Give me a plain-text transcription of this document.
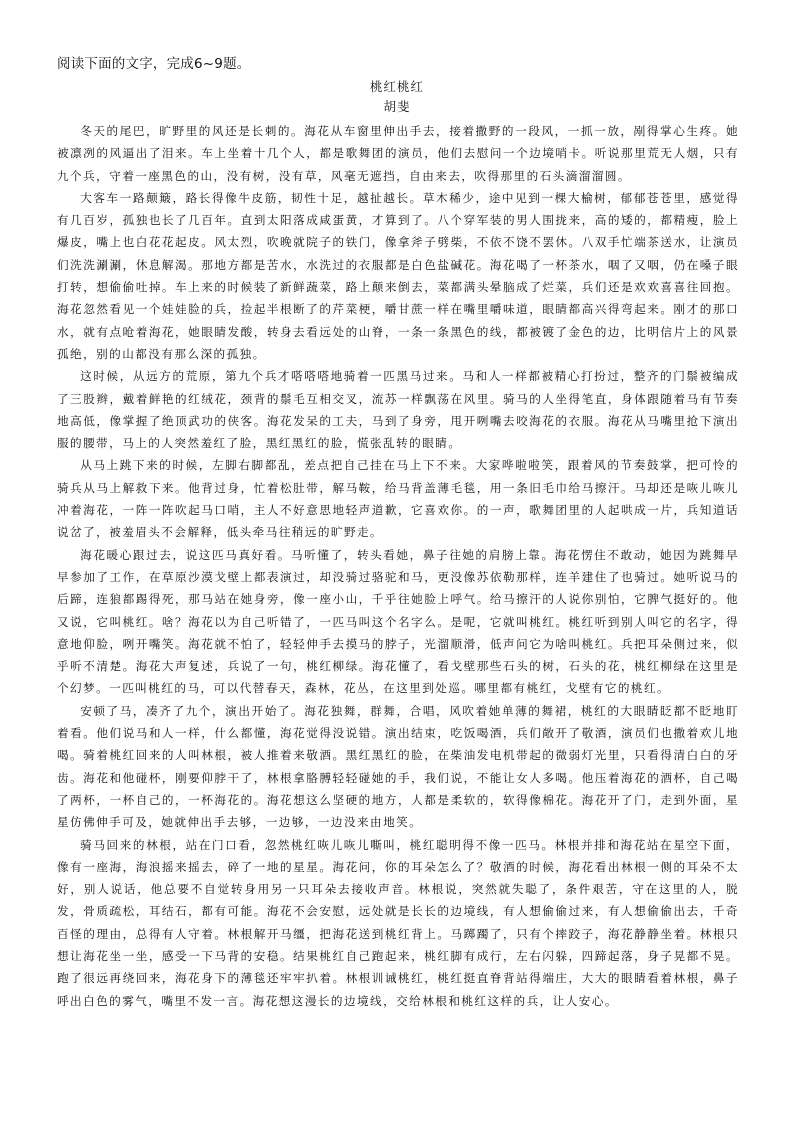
阅读下面的文字，完成6~9题。
桃红桃红
胡斐

冬天的尾巴，旷野里的风还是长刺的。海花从车窗里伸出手去，接着撒野的一段风，一抓一放，剐得掌心生疼。她被凛冽的风逼出了泪来。车上坐着十几个人，都是歌舞团的演员，他们去慰问一个边境哨卡。听说那里荒无人烟，只有九个兵，守着一座黑色的山，没有树，没有草，风毫无遮挡，自由来去，吹得那里的石头滴溜溜圆。

大客车一路颠簸，路长得像牛皮筋，韧性十足，越扯越长。草木稀少，途中见到一棵大榆树，郁郁苍苍里，感觉得有几百岁，孤独也长了几百年。直到太阳落成咸蛋黄，才算到了。八个穿军装的男人围拢来，高的矮的，都精瘦，脸上爆皮，嘴上也白花花起皮。风太烈，吹晚就院子的铁门，像拿斧子劈柴，不依不饶不罢休。八双手忙端茶送水，让演员们洗洗涮涮，休息解渴。那地方都是苦水，水洗过的衣服都是白色盐碱花。海花喝了一杯茶水，咽了又咽，仍在嗓子眼打转，想偷偷吐掉。车上来的时候装了新鲜蔬菜，路上颠来倒去，菜都满头晕脑成了烂菜，兵们还是欢欢喜喜往回抱。海花忽然看见一个娃娃脸的兵，捡起半根断了的芹菜梗，嚼甘蔗一样在嘴里嚼味道，眼睛都高兴得弯起来。刚才的那口水，就有点呛着海花，她眼睛发酸，转身去看远处的山脊，一条一条黑色的线，都被镀了金色的边，比明信片上的风景孤绝，别的山都没有那么深的孤独。

这时候，从远方的荒原，第九个兵才嗒嗒嗒地骑着一匹黑马过来。马和人一样都被精心打扮过，整齐的门鬃被编成了三股辫，戴着鲜艳的红绒花，颈背的鬃毛互相交叉，流苏一样飘荡在风里。骑马的人坐得笔直，身体跟随着马有节奏地高低，像掌握了绝顶武功的侠客。海花发呆的工夫，马到了身旁，甩开咧嘴去咬海花的衣服。海花从马嘴里抢下演出服的腰带，马上的人突然羞红了脸，黑红黑红的脸，慌张乱转的眼睛。

从马上跳下来的时候，左脚右脚都乱，差点把自己挂在马上下不来。大家哗啦啦笑，跟着风的节奏鼓掌，把可怜的骑兵从马上解救下来。他背过身，忙着松肚带，解马鞍，给马背盖薄毛毯，用一条旧毛巾给马擦汗。马却还是咴儿咴儿冲着海花，一阵一阵吹起马口哨，主人不好意思地轻声道歉，它喜欢你。的一声，歌舞团里的人起哄成一片，兵知道话说岔了，被羞眉头不会解释，低头牵马往稍远的旷野走。

海花暖心跟过去，说这匹马真好看。马听懂了，转头看她，鼻子往她的肩膀上靠。海花愣住不敢动，她因为跳舞早早参加了工作，在草原沙漠戈壁上都表演过，却没骑过骆驼和马，更没像苏依勒那样，连羊建住了也骑过。她听说马的后蹄，连狼都踢得死，那马站在她身旁，像一座小山，千乎往她脸上呼气。给马擦汗的人说你别怕，它脾气挺好的。他又说，它叫桃红。啥？海花以为自己听错了，一匹马叫这个名字么。是呢，它就叫桃红。桃红听到别人叫它的名字，得意地仰脸，咧开嘴笑。海花就不怕了，轻轻伸手去摸马的脖子，光溜顺滑，低声问它为啥叫桃红。兵把耳朵侧过来，似乎听不清楚。海花大声复述，兵说了一句，桃红柳绿。海花懂了，看戈壁那些石头的树，石头的花，桃红柳绿在这里是个幻梦。一匹叫桃红的马，可以代替春天，森林，花丛，在这里到处巡。哪里都有桃红，戈壁有它的桃红。

安顿了马，凑齐了九个，演出开始了。海花独舞，群舞，合唱，风吹着她单薄的舞裙，桃红的大眼睛眨都不眨地盯着看。他们说马和人一样，什么都懂，海花觉得没说错。演出结束，吃饭喝酒，兵们敞开了敬酒，演员们也撒着欢儿地喝。骑着桃红回来的人叫林根，被人推着来敬酒。黑红黑红的脸，在柴油发电机带起的微弱灯光里，只看得清白白的牙齿。海花和他碰杯，刚要仰脖干了，林根拿胳膊轻轻碰她的手，我们说，不能让女人多喝。他压着海花的酒杯，自己喝了两杯，一杯自己的，一杯海花的。海花想这么坚硬的地方，人都是柔软的，软得像棉花。海花开了门，走到外面，星星仿佛伸手可及，她就伸出手去够，一边够，一边没来由地笑。

骑马回来的林根，站在门口看，忽然桃红咴儿咴儿嘶叫，桃红聪明得不像一匹马。林根并排和海花站在星空下面，像有一座海，海浪摇来摇去，碎了一地的星星。海花问，你的耳朵怎么了？敬酒的时候，海花看出林根一侧的耳朵不太好，别人说话，他总要不自觉转身用另一只耳朵去接收声音。林根说，突然就失聪了，条件艰苦，守在这里的人，脱发，骨质疏松，耳结石，都有可能。海花不会安慰，远处就是长长的边境线，有人想偷偷过来，有人想偷偷出去，千奇百怪的理由，总得有人守着。林根解开马缰，把海花送到桃红背上。马踯躅了，只有个摔跤子，海花静静坐着。林根只想让海花坐一坐，感受一下马背的安稳。结果桃红自己跑起来，桃红脚有成行，左右闪躲，四蹄起落，身子晃都不晃。跑了很远再绕回来，海花身下的薄毯还牢牢扒着。林根训诫桃红，桃红挺直脊背站得端庄，大大的眼睛看着林根，鼻子呼出白色的雾气，嘴里不发一言。海花想这漫长的边境线，交给林根和桃红这样的兵，让人安心。
